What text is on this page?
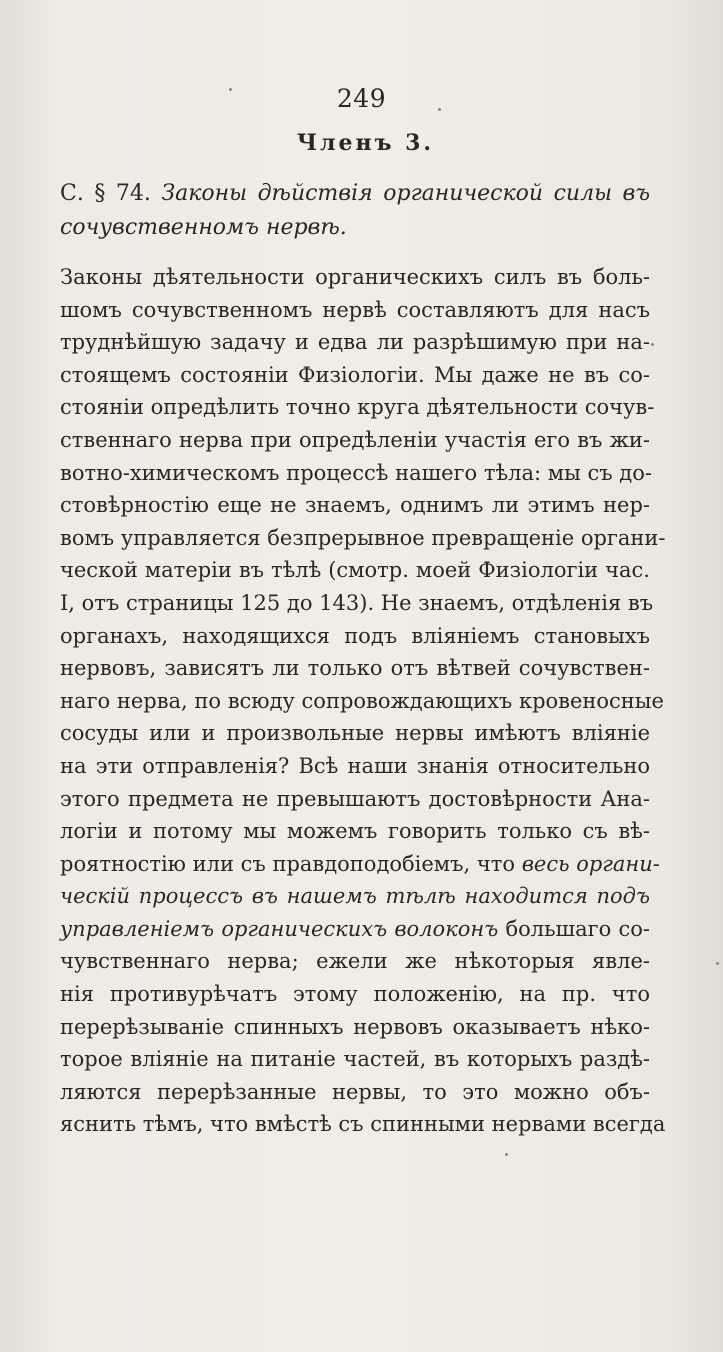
249
Членъ 3.
С. § 74. Законы дѣйствія органической силы въ
сочувственномъ нервѣ.
Законы дѣятельности органическихъ силъ въ боль-
шомъ сочувственномъ нервѣ составляютъ для насъ
труднѣйшую задачу и едва ли разрѣшимую при на-
стоящемъ состояніи Физіологіи. Мы даже не въ со-
стояніи опредѣлить точно круга дѣятельности сочув-
ственнаго нерва при опредѣленіи участія его въ жи-
вотно-химическомъ процессѣ нашего тѣла: мы съ до-
стовѣрностію еще не знаемъ, однимъ ли этимъ нер-
вомъ управляется безпрерывное превращеніе органи-
ческой матеріи въ тѣлѣ (смотр. моей Физіологіи час.
I, отъ страницы 125 до 143). Не знаемъ, отдѣленія въ
органахъ, находящихся подъ вліяніемъ становыхъ
нервовъ, зависятъ ли только отъ вѣтвей сочувствен-
наго нерва, по всюду сопровождающихъ кровеносные
сосуды или и произвольные нервы имѣютъ вліяніе
на эти отправленія? Всѣ наши знанія относительно
этого предмета не превышаютъ достовѣрности Ана-
логіи и потому мы можемъ говорить только съ вѣ-
роятностію или съ правдоподобіемъ, что весь органи-
ческій процессъ въ нашемъ тѣлѣ находится подъ
управленіемъ органическихъ волоконъ большаго со-
чувственнаго нерва; ежели же нѣкоторыя явле-
нія противурѣчатъ этому положенію, на пр. что
перерѣзываніе спинныхъ нервовъ оказываетъ нѣко-
торое вліяніе на питаніе частей, въ которыхъ раздѣ-
ляются перерѣзанные нервы, то это можно объ-
яснить тѣмъ, что вмѣстѣ съ спинными нервами всегда
